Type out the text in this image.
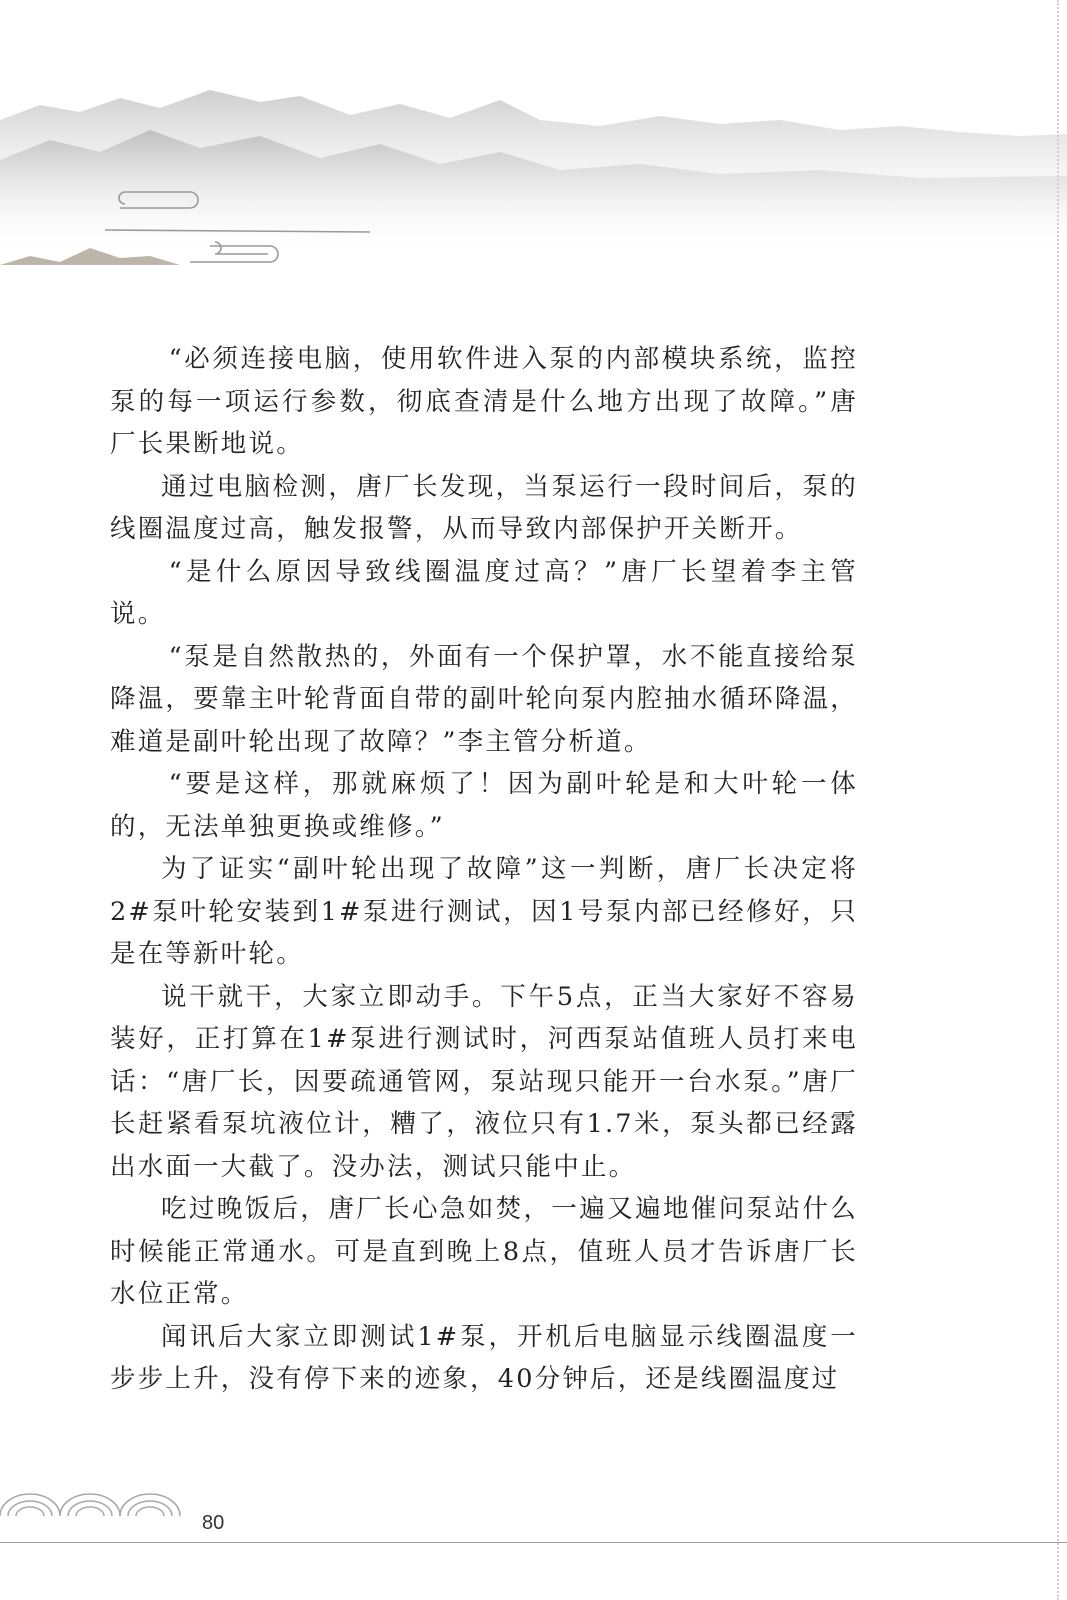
“必须连接电脑，使用软件进入泵的内部模块系统，监控泵的每一项运行参数，彻底查清是什么地方出现了故障。”唐厂长果断地说。

通过电脑检测，唐厂长发现，当泵运行一段时间后，泵的线圈温度过高，触发报警，从而导致内部保护开关断开。

“是什么原因导致线圈温度过高？”唐厂长望着李主管说。

“泵是自然散热的，外面有一个保护罩，水不能直接给泵降温，要靠主叶轮背面自带的副叶轮向泵内腔抽水循环降温，难道是副叶轮出现了故障？”李主管分析道。

“要是这样，那就麻烦了！因为副叶轮是和大叶轮一体的，无法单独更换或维修。”

为了证实“副叶轮出现了故障”这一判断，唐厂长决定将2#泵叶轮安装到1#泵进行测试，因1号泵内部已经修好，只是在等新叶轮。

说干就干，大家立即动手。下午5点，正当大家好不容易装好，正打算在1#泵进行测试时，河西泵站值班人员打来电话：“唐厂长，因要疏通管网，泵站现只能开一台水泵。”唐厂长赶紧看泵坑液位计，糟了，液位只有1.7米，泵头都已经露出水面一大截了。没办法，测试只能中止。

吃过晚饭后，唐厂长心急如焚，一遍又遍地催问泵站什么时候能正常通水。可是直到晚上8点，值班人员才告诉唐厂长水位正常。

闻讯后大家立即测试1#泵，开机后电脑显示线圈温度一步步上升，没有停下来的迹象，40分钟后，还是线圈温度过

80
